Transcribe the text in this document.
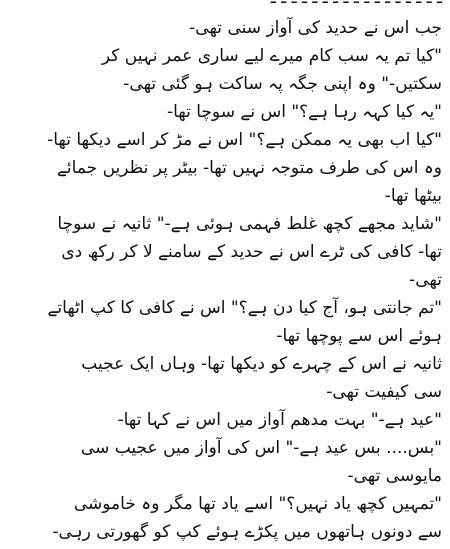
جب اس نے حدید کی آواز سنی تھی-
"کیا تم یہ سب کام میرے لیے ساری عمر نہیں کر
سکتیں-" وہ اپنی جگہ پہ ساکت ہو گئی تھی-
"یہ کیا کہہ رہا ہے؟" اس نے سوچا تھا-
"کیا اب بھی یہ ممکن ہے؟" اس نے مڑ کر اسے دیکھا تھا-
وہ اس کی طرف متوجہ نہیں تھا- بیٹر پر نظریں جمائے
بیٹھا تھا-
"شاید مجھے کچھ غلط فہمی ہوئی ہے-" ثانیہ نے سوچا
تھا- کافی کی ٹرے اس نے حدید کے سامنے لا کر رکھ دی
تھی-
"تم جانتی ہو، آج کیا دن ہے؟" اس نے کافی کا کپ اٹھاتے
ہوئے اس سے پوچھا تھا-
ثانیہ نے اس کے چہرے کو دیکھا تھا- وہاں ایک عجیب
سی کیفیت تھی-
"عید ہے-" بہت مدھم آواز میں اس نے کہا تھا-
"بس.... بس عید ہے-" اس کی آواز میں عجیب سی
مایوسی تھی-
"تمہیں کچھ یاد نہیں؟" اسے یاد تھا مگر وہ خاموشی
سے دونوں ہاتھوں میں پکڑے ہوئے کپ کو گھورتی رہی-
